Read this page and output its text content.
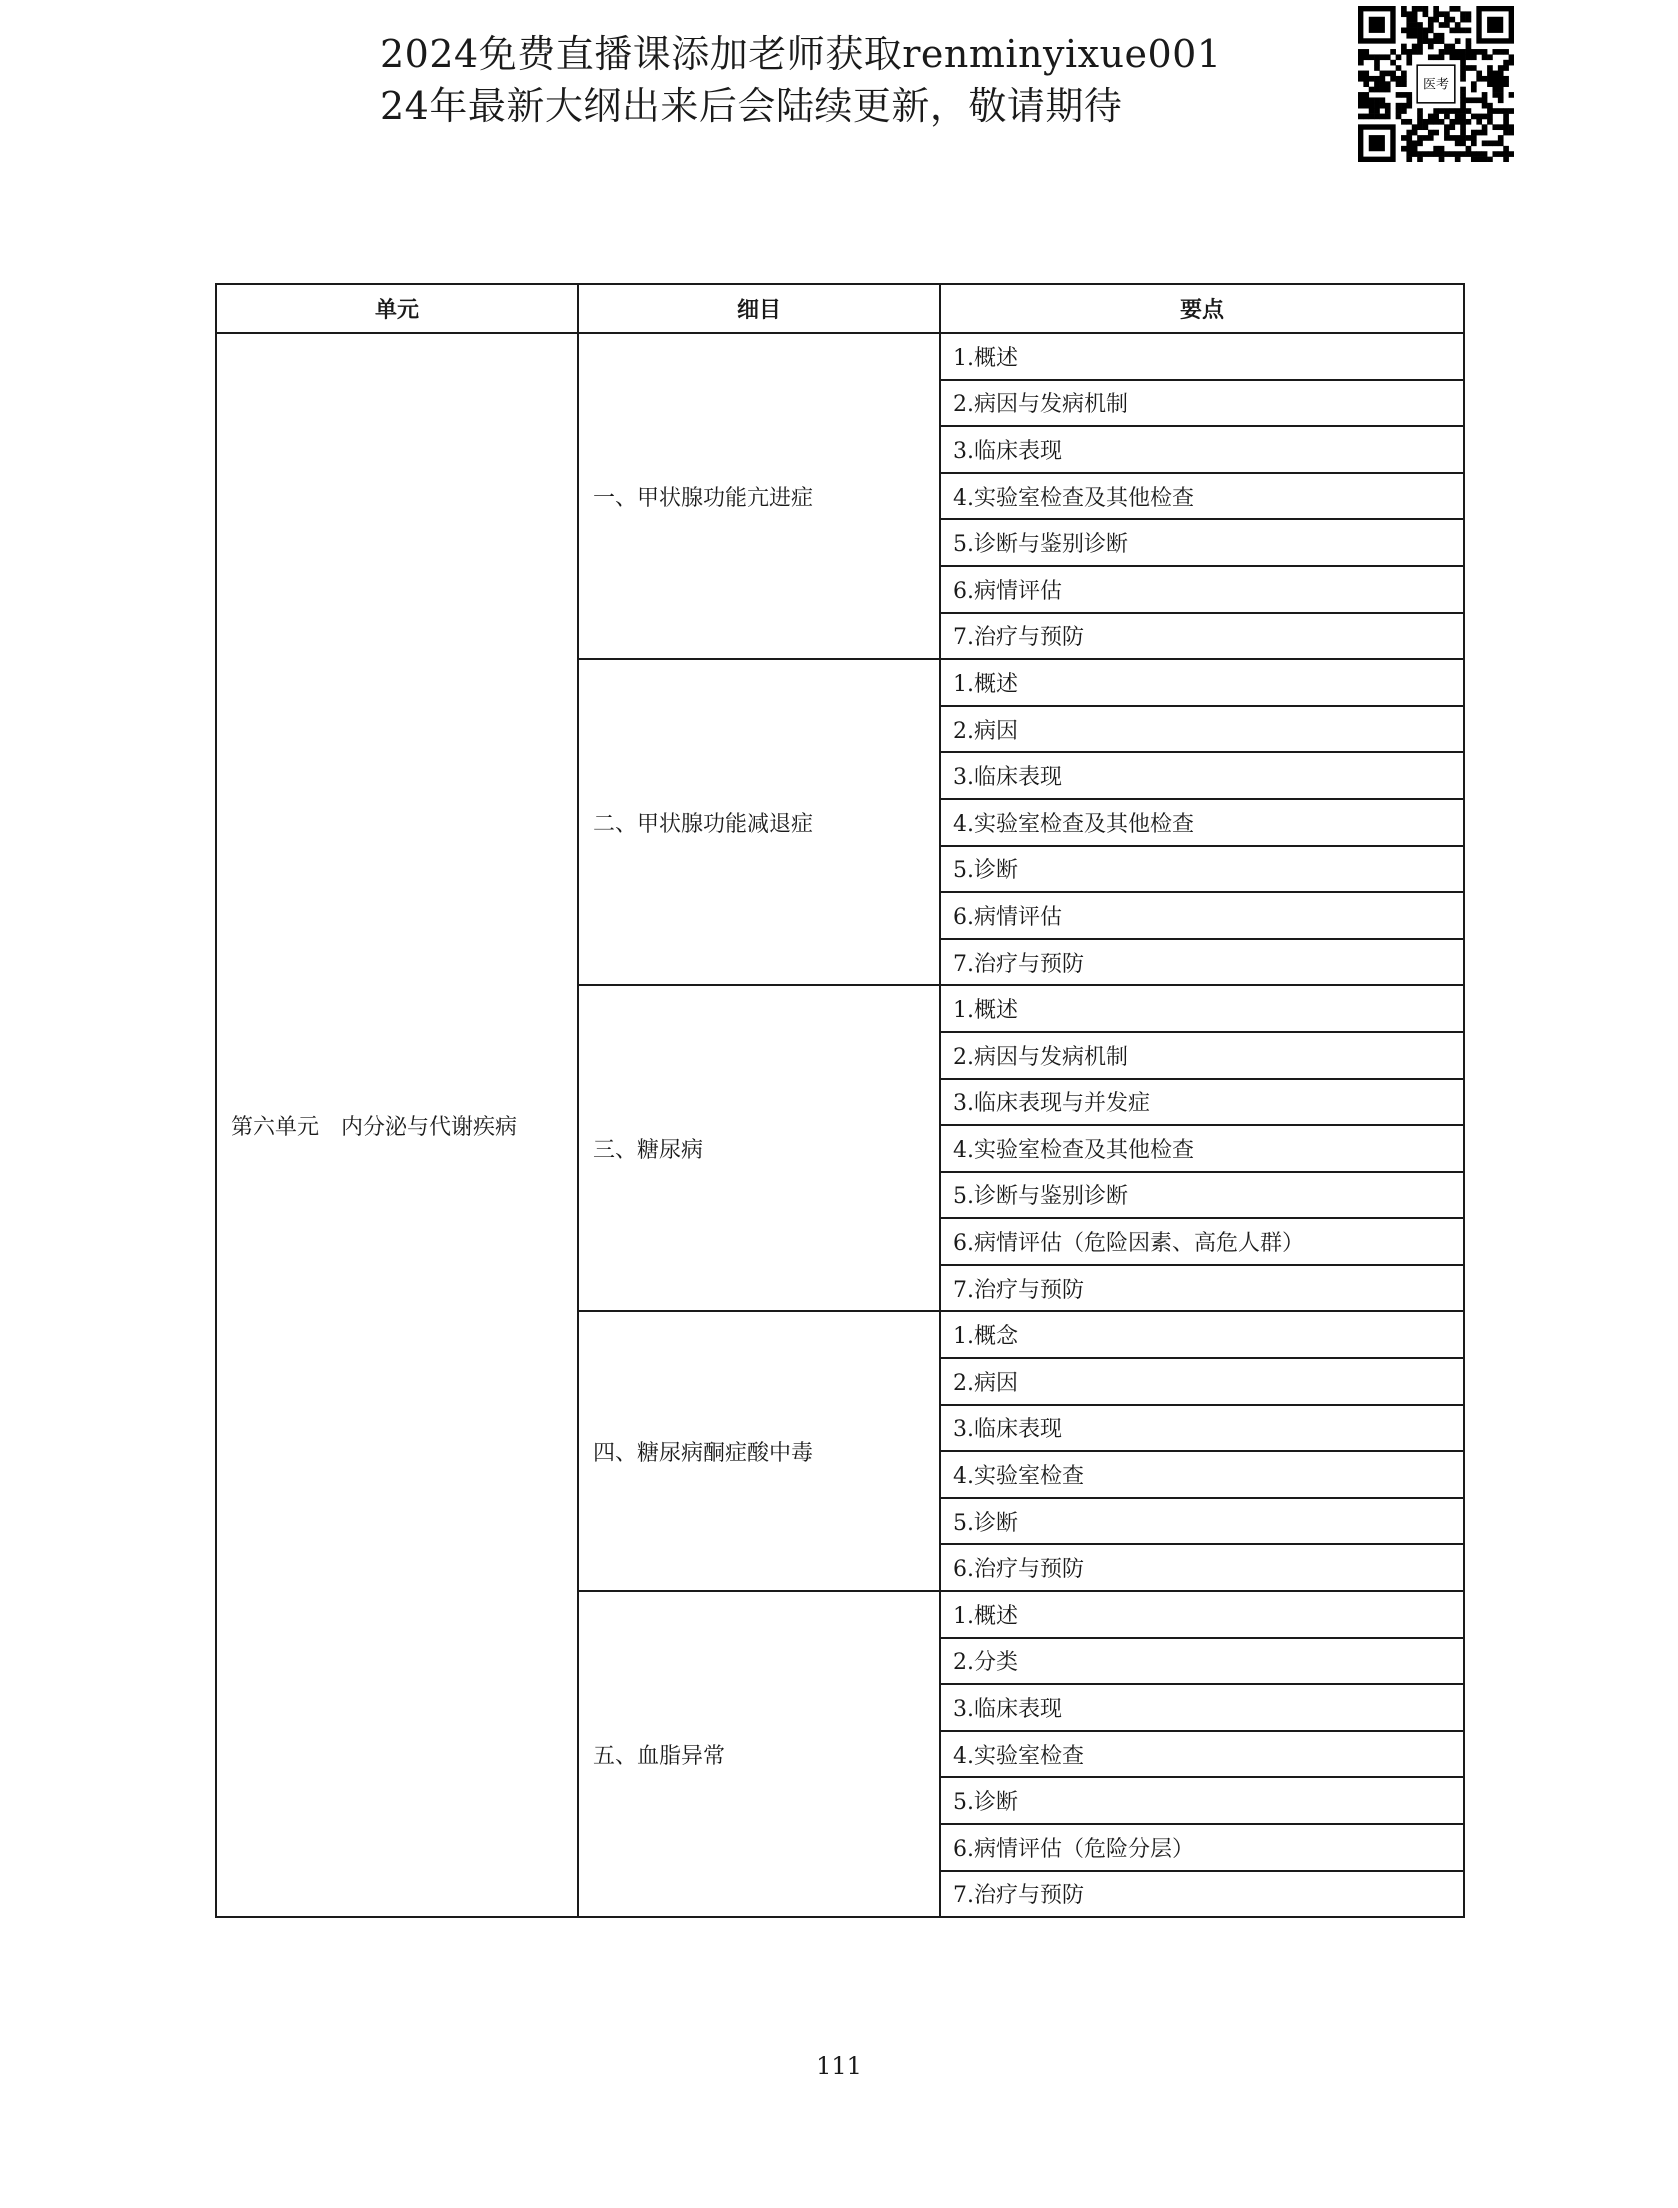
2024免费直播课添加老师获取renminyixue001
24年最新大纲出来后会陆续更新，敬请期待	医考
单元	细目	要点
第六单元　内分泌与代谢疾病	一、甲状腺功能亢进症	1.概述
		2.病因与发病机制
		3.临床表现
		4.实验室检查及其他检查
		5.诊断与鉴别诊断
		6.病情评估
		7.治疗与预防
	二、甲状腺功能减退症	1.概述
		2.病因
		3.临床表现
		4.实验室检查及其他检查
		5.诊断
		6.病情评估
		7.治疗与预防
	三、糖尿病	1.概述
		2.病因与发病机制
		3.临床表现与并发症
		4.实验室检查及其他检查
		5.诊断与鉴别诊断
		6.病情评估（危险因素、高危人群）
		7.治疗与预防
	四、糖尿病酮症酸中毒	1.概念
		2.病因
		3.临床表现
		4.实验室检查
		5.诊断
		6.治疗与预防
	五、血脂异常	1.概述
		2.分类
		3.临床表现
		4.实验室检查
		5.诊断
		6.病情评估（危险分层）
		7.治疗与预防
111
